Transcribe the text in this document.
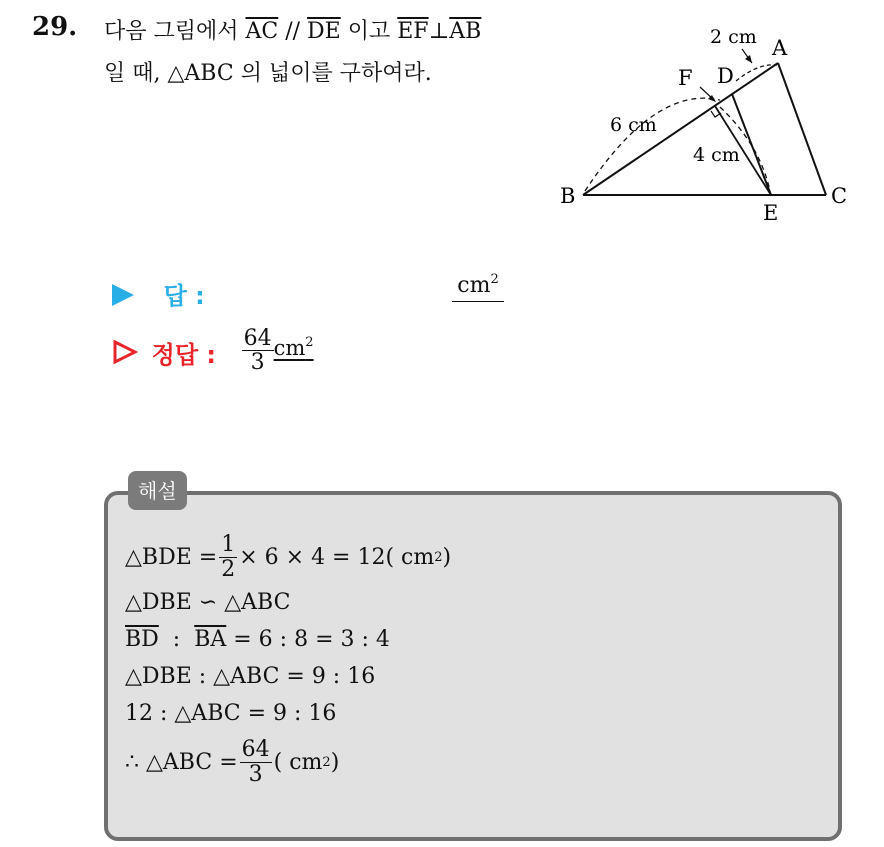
29. 다음 그림에서 $\overline{AC} // \overline{DE}$ 이고 $\overline{EF}\perp\overline{AB}$
일 때, △ABC 의 넓이를 구하여라.
A
B	C
D
E
F
2 cm
6 cm
4 cm
답 :	$cm^2$
정답 : $\frac{64}{3} cm^2$
해설
△BDE = $\frac{1}{2} \times 6 \times 4 = 12$( cm 2 )
△DBE ∽ △ABC
$\overline{BD}$  :  $\overline{BA} = 6$ : 8 = 3 : 4
△DBE : △ABC = 9 : 16
12 : △ABC = 9 : 16
∴ △ABC = $\frac{64}{3}$ ( cm 2 )
